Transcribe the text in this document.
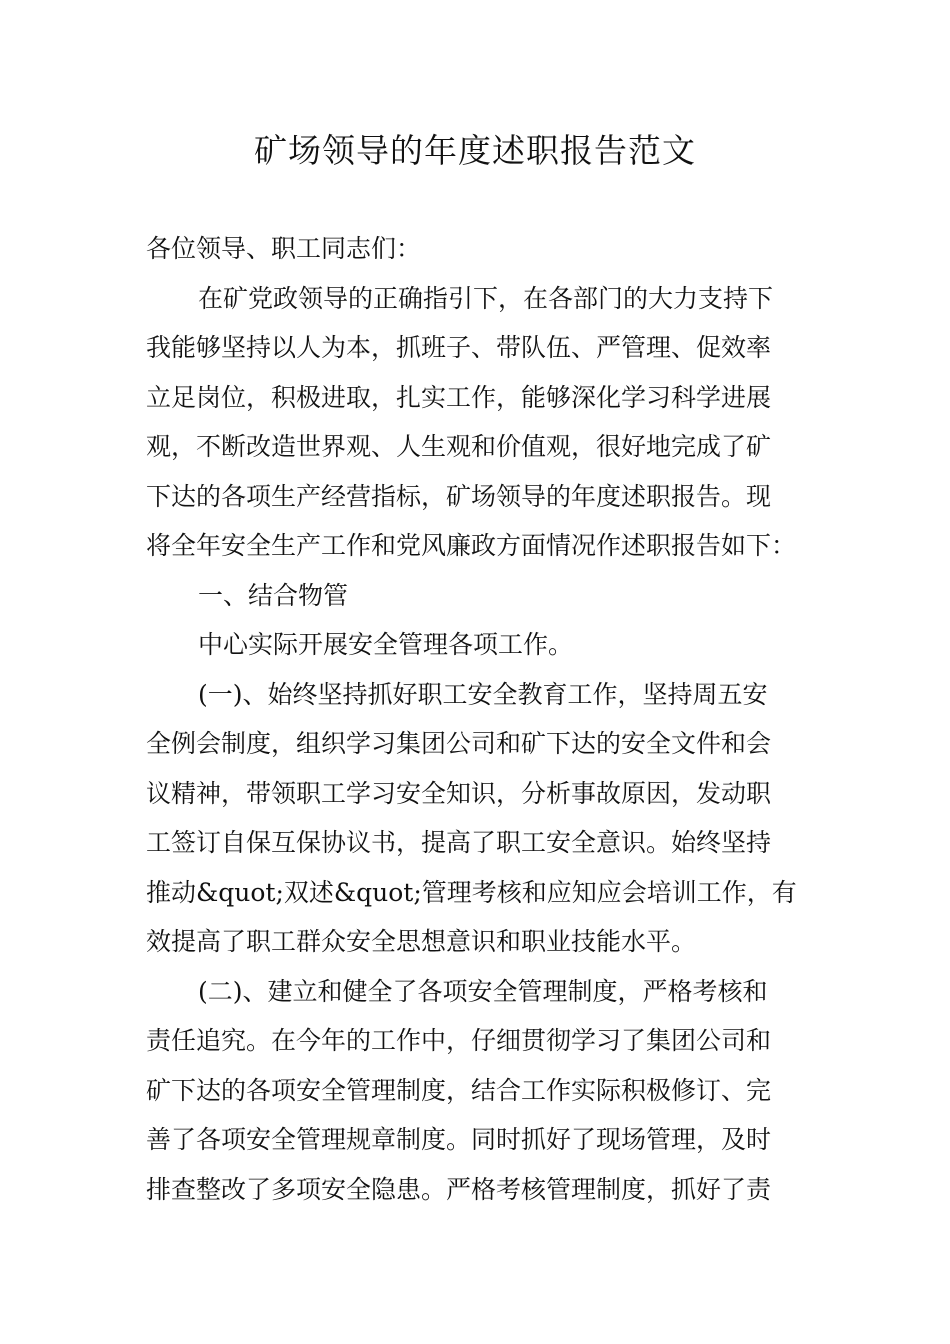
矿场领导的年度述职报告范文
各位领导、职工同志们：
在矿党政领导的正确指引下，在各部门的大力支持下
我能够坚持以人为本，抓班子、带队伍、严管理、促效率
立足岗位，积极进取，扎实工作，能够深化学习科学进展
观，不断改造世界观、人生观和价值观，很好地完成了矿
下达的各项生产经营指标，矿场领导的年度述职报告。现
将全年安全生产工作和党风廉政方面情况作述职报告如下：
一、结合物管
中心实际开展安全管理各项工作。
(一)、始终坚持抓好职工安全教育工作，坚持周五安
全例会制度，组织学习集团公司和矿下达的安全文件和会
议精神，带领职工学习安全知识，分析事故原因，发动职
工签订自保互保协议书，提高了职工安全意识。始终坚持
推动&quot;双述&quot;管理考核和应知应会培训工作，有
效提高了职工群众安全思想意识和职业技能水平。
(二)、建立和健全了各项安全管理制度，严格考核和
责任追究。在今年的工作中，仔细贯彻学习了集团公司和
矿下达的各项安全管理制度，结合工作实际积极修订、完
善了各项安全管理规章制度。同时抓好了现场管理，及时
排查整改了多项安全隐患。严格考核管理制度，抓好了责
